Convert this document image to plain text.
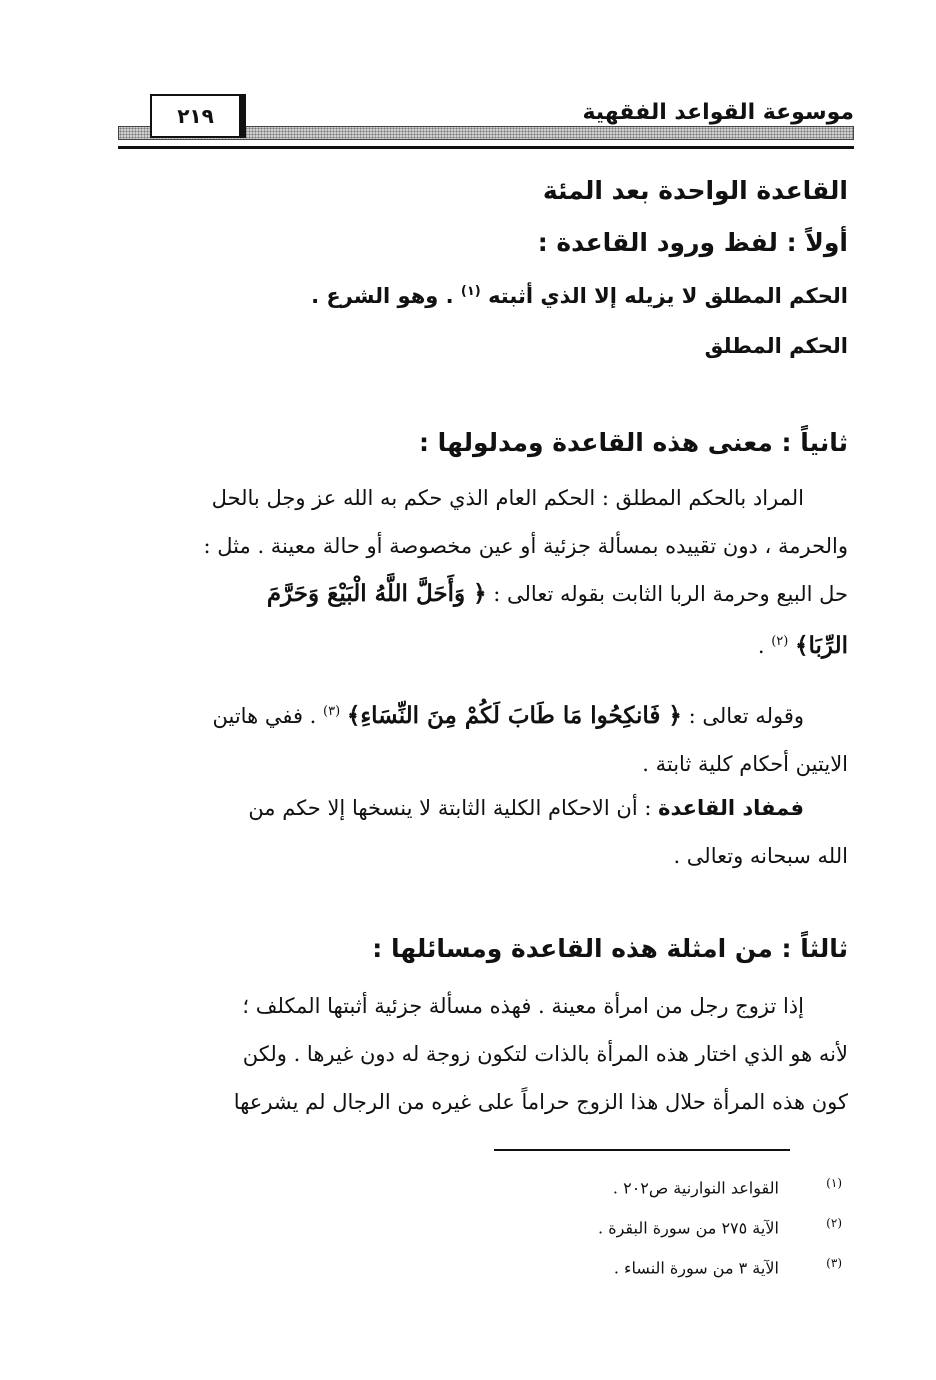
موسوعة القواعد الفقهية
٢١٩
القاعدة الواحدة بعد المئة
أولاً : لفظ ورود القاعدة :
الحكم المطلق لا يزيله إلا الذي أثبته $^{(١)}$ . وهو الشرع .
الحكم المطلق
ثانياً : معنى هذه القاعدة ومدلولها :
المراد بالحكم المطلق : الحكم العام الذي حكم به الله عز وجل بالحل
والحرمة ، دون تقييده بمسألة جزئية أو عين مخصوصة أو حالة معينة . مثل :
حل البيع وحرمة الربا الثابت بقوله تعالى : ﴿ وَأَحَلَّ اللَّهُ الْبَيْعَ وَحَرَّمَ
الرِّبَا﴾ $^{(٢)}$ .
وقوله تعالى : ﴿ فَانكِحُوا مَا طَابَ لَكُمْ مِنَ النِّسَاءِ﴾ $^{(٣)}$ . ففي هاتين
الايتين أحكام كلية ثابتة .
فمفاد القاعدة : أن الاحكام الكلية الثابتة لا ينسخها إلا حكم من
الله سبحانه وتعالى .
ثالثاً : من امثلة هذه القاعدة ومسائلها :
إذا تزوج رجل من امرأة معينة . فهذه مسألة جزئية أثبتها المكلف ؛
لأنه هو الذي اختار هذه المرأة بالذات لتكون زوجة له دون غيرها . ولكن
كون هذه المرأة حلال هذا الزوج حراماً على غيره من الرجال لم يشرعها
(١) القواعد النوارنية ص٢٠٢ .
(٢) الآية ٢٧٥ من سورة البقرة .
(٣) الآية ٣ من سورة النساء .
